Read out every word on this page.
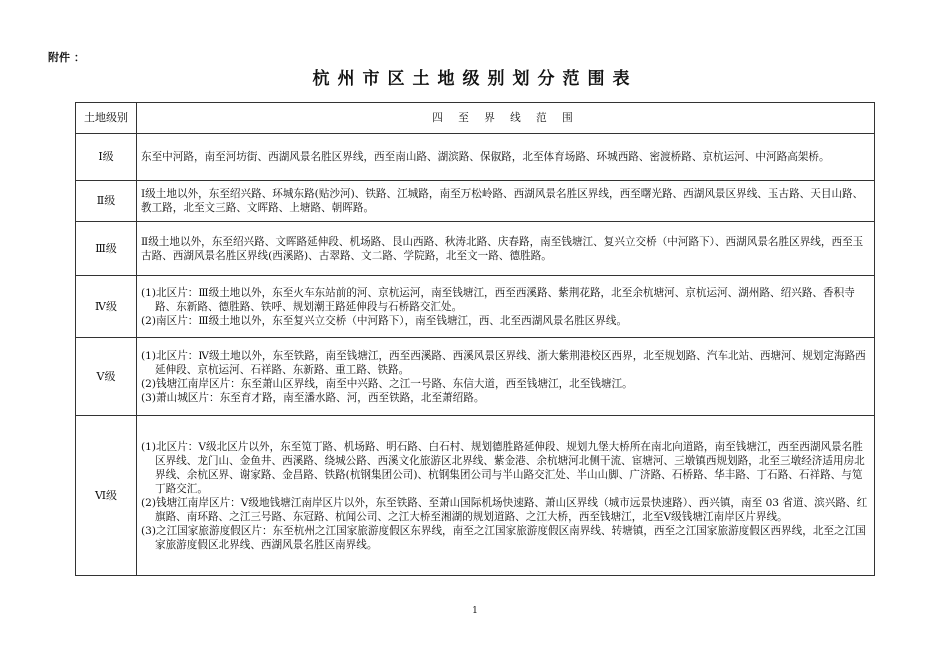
附件 ：
杭州市区土地级别划分范围表
土地级别	四 至 界 线 范 围
Ⅰ级	东至中河路，南至河坊街、西湖风景名胜区界线，西至南山路、湖滨路、保俶路，北至体育场路、环城西路、密渡桥路、京杭运河、中河路高架桥。

Ⅱ级	Ⅰ级土地以外，东至绍兴路、环城东路(贴沙河)、铁路、江城路，南至万松岭路、西湖风景名胜区界线，西至曙光路、西湖风景区界线、玉古路、天目山路、教工路，北至文三路、文晖路、上塘路、朝晖路。

Ⅲ级	Ⅱ级土地以外，东至绍兴路、文晖路延伸段、机场路、艮山西路、秋涛北路、庆春路，南至钱塘江、复兴立交桥（中河路下）、西湖风景名胜区界线，西至玉古路、西湖风景名胜区界线(西溪路)、古翠路、文二路、学院路，北至文一路、德胜路。

Ⅳ级	(1)北区片：Ⅲ级土地以外，东至火车东站前的河、京杭运河，南至钱塘江，西至西溪路、紫荆花路，北至余杭塘河、京杭运河、湖州路、绍兴路、香积寺路、东新路、德胜路、铁呼、规划潮王路延伸段与石桥路交汇处。
(2)南区片：Ⅲ级土地以外，东至复兴立交桥（中河路下），南至钱塘江，西、北至西湖风景名胜区界线。

Ⅴ级	(1)北区片：Ⅳ级土地以外，东至铁路，南至钱塘江，西至西溪路、西溪风景区界线、浙大紫荆港校区西界，北至规划路、汽车北站、西塘河、规划定海路西延伸段、京杭运河、石祥路、东新路、重工路、铁路。
(2)钱塘江南岸区片：东至萧山区界线，南至中兴路、之江一号路、东信大道，西至钱塘江，北至钱塘江。
(3)萧山城区片：东至育才路，南至潘水路、河，西至铁路，北至萧绍路。

Ⅵ级	(1)北区片：Ⅴ级北区片以外，东至笕丁路、机场路、明石路、白石村、规划德胜路延伸段、规划九堡大桥所在南北向道路，南至钱塘江，西至西湖风景名胜区界线、龙门山、金鱼井、西溪路、绕城公路、西溪文化旅游区北界线、紫金港、余杭塘河北侧干流、宦塘河、三墩镇西规划路，北至三墩经济适用房北界线、余杭区界、谢家路、金昌路、铁路(杭钢集团公司)、杭钢集团公司与半山路交汇处、半山山脚、广济路、石桥路、华丰路、丁石路、石祥路、与笕丁路交汇。
(2)钱塘江南岸区片：Ⅴ级地钱塘江南岸区片以外，东至铁路、至萧山国际机场快速路、萧山区界线（城市远景快速路）、西兴镇，南至 03 省道、滨兴路、红旗路、南环路、之江三号路、东冠路、杭闻公司、之江大桥至湘湖的规划道路、之江大桥，西至钱塘江，北至Ⅴ级钱塘江南岸区片界线。
(3)之江国家旅游度假区片：东至杭州之江国家旅游度假区东界线，南至之江国家旅游度假区南界线、转塘镇，西至之江国家旅游度假区西界线，北至之江国家旅游度假区北界线、西湖风景名胜区南界线。
1
